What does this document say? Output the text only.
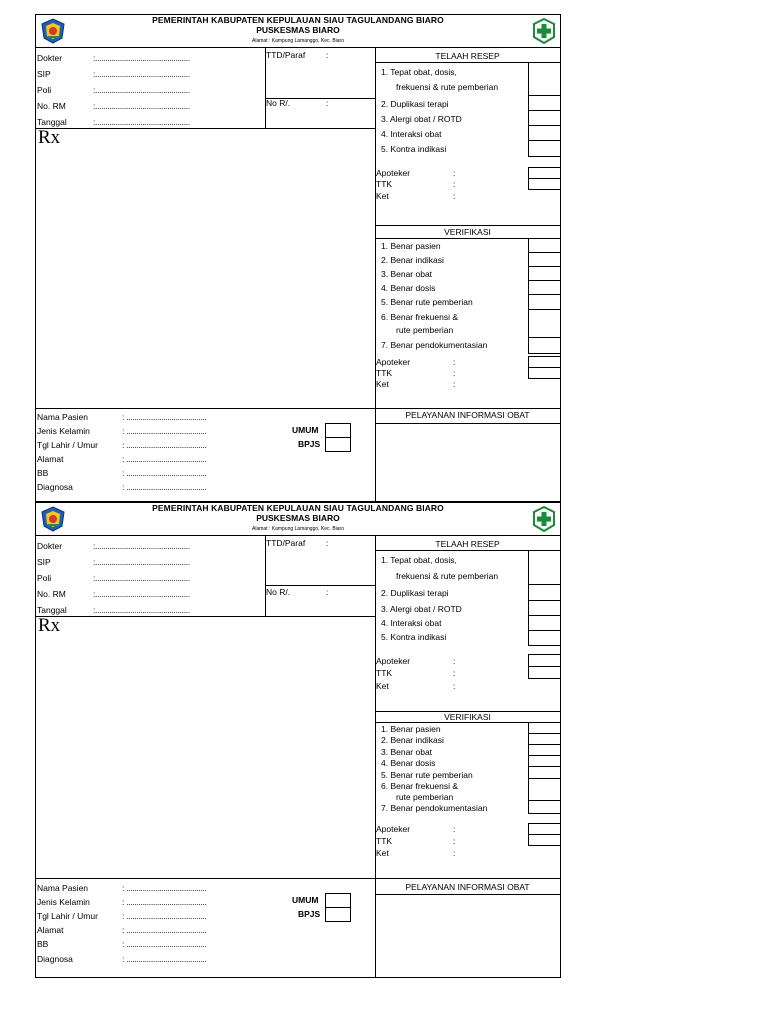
PEMERINTAH KABUPATEN KEPULAUAN SIAU TAGULANDANG BIARO
PUSKESMAS BIARO
Alamat : Kampung Lamanggo, Kec. Biaro
Dokter	:..............................................
SIP	:..............................................
Poli	:..............................................
No. RM	:..............................................
Tanggal	:..............................................
TTD/Paraf :
No R/.	:
Rx
TELAAH RESEP
1. Tepat obat, dosis,
frekuensi & rute pemberian
2. Duplikasi terapi
3. Alergi obat / ROTD
4. Interaksi obat
5. Kontra indikasi
Apoteker	:
TTK	:
Ket	:
VERIFIKASI
1. Benar pasien
2. Benar indikasi
3. Benar obat
4. Benar dosis
5. Benar rute pemberian
6. Benar frekuensi &
rute pemberian
7. Benar pendokumentasian
Apoteker	:
TTK	:
Ket	:
Nama Pasien	: .......................................
Jenis Kelamin	: .......................................
Tgl Lahir / Umur	: .......................................
Alamat	: .......................................
BB	: .......................................
Diagnosa	: .......................................
UMUM
BPJS
PELAYANAN INFORMASI OBAT
PEMERINTAH KABUPATEN KEPULAUAN SIAU TAGULANDANG BIARO
PUSKESMAS BIARO
Alamat : Kampung Lamanggo, Kec. Biaro
Dokter	:..............................................
SIP	:..............................................
Poli	:..............................................
No. RM	:..............................................
Tanggal	:..............................................
TTD/Paraf :
No R/.	:
Rx
TELAAH RESEP
1. Tepat obat, dosis,
frekuensi & rute pemberian
2. Duplikasi terapi
3. Alergi obat / ROTD
4. Interaksi obat
5. Kontra indikasi
Apoteker	:
TTK	:
Ket	:
VERIFIKASI
1. Benar pasien
2. Benar indikasi
3. Benar obat
4. Benar dosis
5. Benar rute pemberian
6. Benar frekuensi &
rute pemberian
7. Benar pendokumentasian
Apoteker	:
TTK	:
Ket	:
Nama Pasien	: .......................................
Jenis Kelamin	: .......................................
Tgl Lahir / Umur	: .......................................
Alamat	: .......................................
BB	: .......................................
Diagnosa	: .......................................
UMUM
BPJS
PELAYANAN INFORMASI OBAT
